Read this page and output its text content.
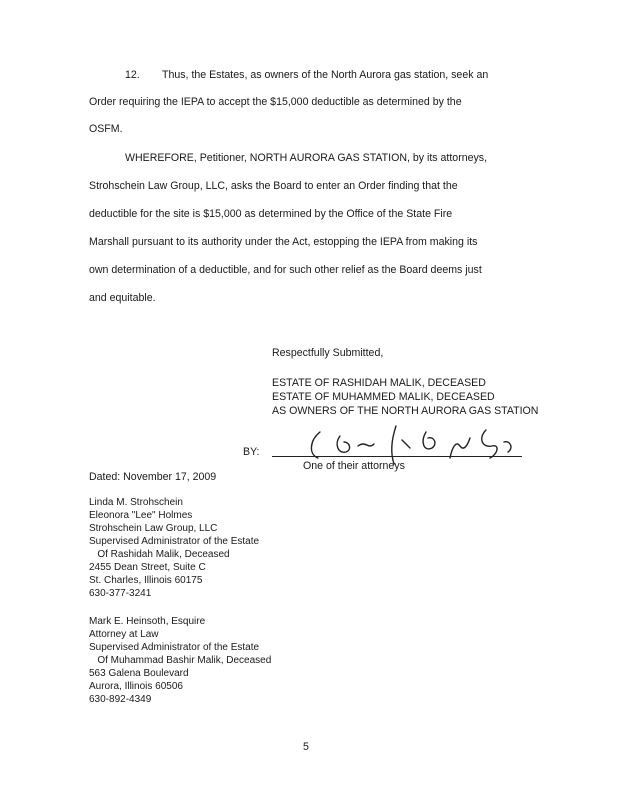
12. Thus, the Estates, as owners of the North Aurora gas station, seek an
Order requiring the IEPA to accept the $15,000 deductible as determined by the
OSFM.
WHEREFORE, Petitioner, NORTH AURORA GAS STATION, by its attorneys,
Strohschein Law Group, LLC, asks the Board to enter an Order finding that the
deductible for the site is $15,000 as determined by the Office of the State Fire
Marshall pursuant to its authority under the Act, estopping the IEPA from making its
own determination of a deductible, and for such other relief as the Board deems just
and equitable.
Respectfully Submitted,
ESTATE OF RASHIDAH MALIK, DECEASED
ESTATE OF MUHAMMED MALIK, DECEASED
AS OWNERS OF THE NORTH AURORA GAS STATION
BY:
One of their attorneys
Dated: November 17, 2009
Linda M. Strohschein
Eleonora "Lee" Holmes
Strohschein Law Group, LLC
Supervised Administrator of the Estate
Of Rashidah Malik, Deceased
2455 Dean Street, Suite C
St. Charles, Illinois 60175
630-377-3241
Mark E. Heinsoth, Esquire
Attorney at Law
Supervised Administrator of the Estate
Of Muhammad Bashir Malik, Deceased
563 Galena Boulevard
Aurora, Illinois 60506
630-892-4349
5
